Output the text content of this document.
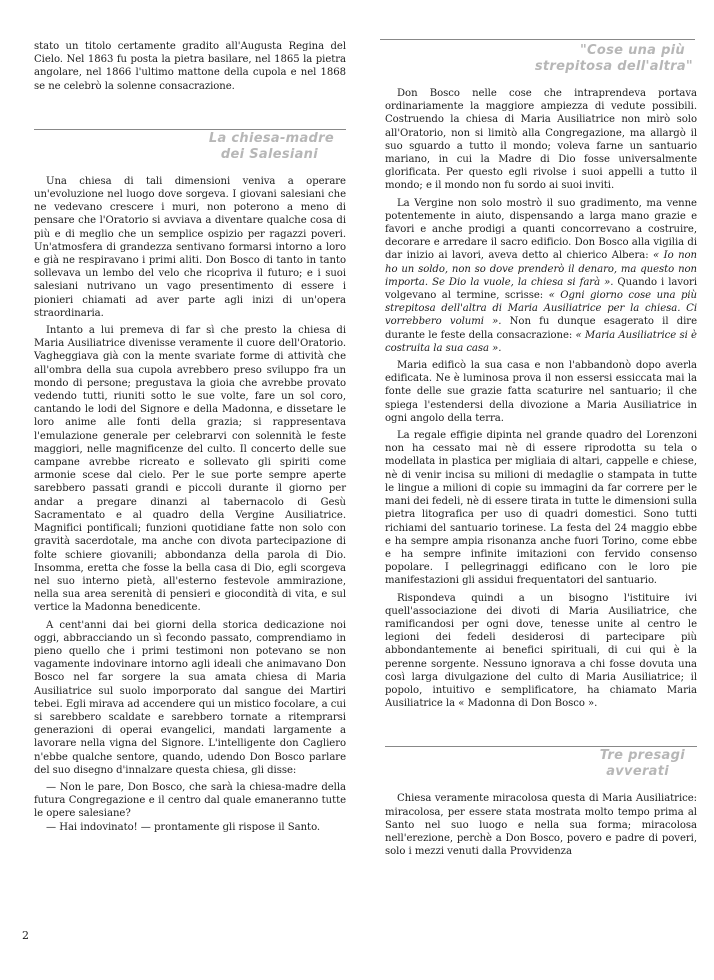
stato un titolo certamente gradito all'Augusta Regina del Cielo. Nel 1863 fu posta la pietra basilare, nel 1865 la pietra angolare, nel 1866 l'ultimo mattone della cupola e nel 1868 se ne celebrò la solenne consacrazione.

La chiesa-madre
dei Salesiani

Una chiesa di tali dimensioni veniva a operare un'evoluzione nel luogo dove sorgeva. I giovani salesiani che ne vedevano crescere i muri, non poterono a meno di pensare che l'Oratorio si avviava a diventare qualche cosa di più e di meglio che un semplice ospizio per ragazzi poveri. Un'atmosfera di grandezza sentivano formarsi intorno a loro e già ne respiravano i primi aliti. Don Bosco di tanto in tanto sollevava un lembo del velo che ricopriva il futuro; e i suoi salesiani nutrivano un vago presentimento di essere i pionieri chiamati ad aver parte agli inizi di un'opera straordinaria.

Intanto a lui premeva di far sì che presto la chiesa di Maria Ausiliatrice divenisse veramente il cuore dell'Oratorio. Vagheggiava già con la mente svariate forme di attività che all'ombra della sua cupola avrebbero preso sviluppo fra un mondo di persone; pregustava la gioia che avrebbe provato vedendo tutti, riuniti sotto le sue volte, fare un sol coro, cantando le lodi del Signore e della Madonna, e dissetare le loro anime alle fonti della grazia; si rappresentava l'emulazione generale per celebrarvi con solennità le feste maggiori, nelle magnificenze del culto. Il concerto delle sue campane avrebbe ricreato e sollevato gli spiriti come armonie scese dal cielo. Per le sue porte sempre aperte sarebbero passati grandi e piccoli durante il giorno per andar a pregare dinanzi al tabernacolo di Gesù Sacramentato e al quadro della Vergine Ausiliatrice. Magnifici pontificali; funzioni quotidiane fatte non solo con gravità sacerdotale, ma anche con divota partecipazione di folte schiere giovanili; abbondanza della parola di Dio. Insomma, eretta che fosse la bella casa di Dio, egli scorgeva nel suo interno pietà, all'esterno festevole ammirazione, nella sua area serenità di pensieri e giocondità di vita, e sul vertice la Madonna benedicente.

A cent'anni dai bei giorni della storica dedicazione noi oggi, abbracciando un sì fecondo passato, comprendiamo in pieno quello che i primi testimoni non potevano se non vagamente indovinare intorno agli ideali che animavano Don Bosco nel far sorgere la sua amata chiesa di Maria Ausiliatrice sul suolo imporporato dal sangue dei Martiri tebei. Egli mirava ad accendere qui un mistico focolare, a cui si sarebbero scaldate e sarebbero tornate a ritemprarsi generazioni di operai evangelici, mandati largamente a lavorare nella vigna del Signore. L'intelligente don Cagliero n'ebbe qualche sentore, quando, udendo Don Bosco parlare del suo disegno d'innalzare questa chiesa, gli disse:

— Non le pare, Don Bosco, che sarà la chiesa-madre della futura Congregazione e il centro dal quale emaneranno tutte le opere salesiane?

— Hai indovinato! — prontamente gli rispose il Santo.

"Cose una più
strepitosa dell'altra"

Don Bosco nelle cose che intraprendeva portava ordinariamente la maggiore ampiezza di vedute possibili. Costruendo la chiesa di Maria Ausiliatrice non mirò solo all'Oratorio, non si limitò alla Congregazione, ma allargò il suo sguardo a tutto il mondo; voleva farne un santuario mariano, in cui la Madre di Dio fosse universalmente glorificata. Per questo egli rivolse i suoi appelli a tutto il mondo; e il mondo non fu sordo ai suoi inviti.

La Vergine non solo mostrò il suo gradimento, ma venne potentemente in aiuto, dispensando a larga mano grazie e favori e anche prodigi a quanti concorrevano a costruire, decorare e arredare il sacro edificio. Don Bosco alla vigilia di dar inizio ai lavori, aveva detto al chierico Albera: « Io non ho un soldo, non so dove prenderò il denaro, ma questo non importa. Se Dio la vuole, la chiesa si farà ». Quando i lavori volgevano al termine, scrisse: « Ogni giorno cose una più strepitosa dell'altra di Maria Ausiliatrice per la chiesa. Ci vorrebbero volumi ». Non fu dunque esagerato il dire durante le feste della consacrazione: « Maria Ausiliatrice si è costruita la sua casa ».

Maria edificò la sua casa e non l'abbandonò dopo averla edificata. Ne è luminosa prova il non essersi essiccata mai la fonte delle sue grazie fatta scaturire nel santuario; il che spiega l'estendersi della divozione a Maria Ausiliatrice in ogni angolo della terra.

La regale effigie dipinta nel grande quadro del Lorenzoni non ha cessato mai nè di essere riprodotta su tela o modellata in plastica per migliaia di altari, cappelle e chiese, nè di venir incisa su milioni di medaglie o stampata in tutte le lingue a milioni di copie su immagini da far correre per le mani dei fedeli, nè di essere tirata in tutte le dimensioni sulla pietra litografica per uso di quadri domestici. Sono tutti richiami del santuario torinese. La festa del 24 maggio ebbe e ha sempre ampia risonanza anche fuori Torino, come ebbe e ha sempre infinite imitazioni con fervido consenso popolare. I pellegrinaggi edificano con le loro pie manifestazioni gli assidui frequentatori del santuario.

Rispondeva quindi a un bisogno l'istituire ivi quell'associazione dei divoti di Maria Ausiliatrice, che ramificandosi per ogni dove, tenesse unite al centro le legioni dei fedeli desiderosi di partecipare più abbondantemente ai benefici spirituali, di cui qui è la perenne sorgente. Nessuno ignorava a chi fosse dovuta una così larga divulgazione del culto di Maria Ausiliatrice; il popolo, intuitivo e semplificatore, ha chiamato Maria Ausiliatrice la « Madonna di Don Bosco ».

Tre presagi
avverati

Chiesa veramente miracolosa questa di Maria Ausiliatrice: miracolosa, per essere stata mostrata molto tempo prima al Santo nel suo luogo e nella sua forma; miracolosa nell'erezione, perchè a Don Bosco, povero e padre di poveri, solo i mezzi venuti dalla Provvidenza

2
